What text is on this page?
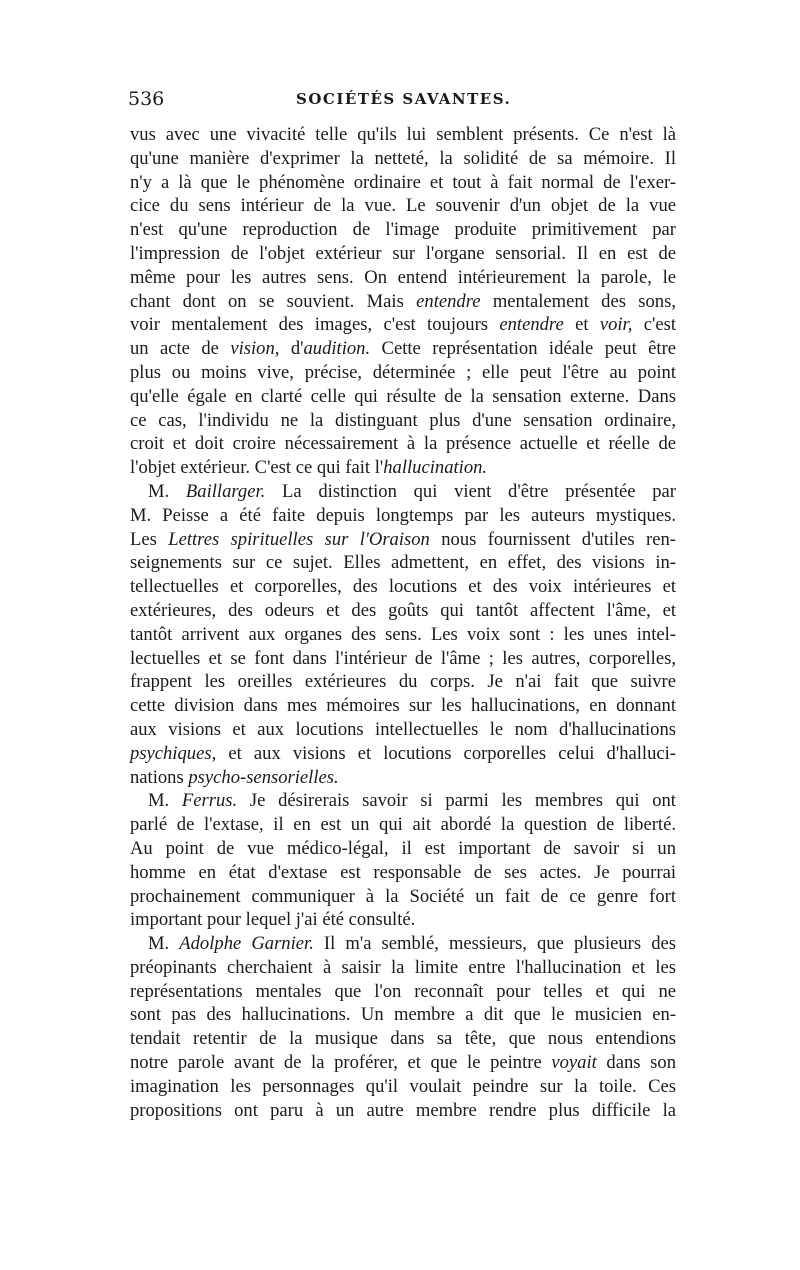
536	SOCIÉTÉS SAVANTES.
vus avec une vivacité telle qu'ils lui semblent présents. Ce n'est là
qu'une manière d'exprimer la netteté, la solidité de sa mémoire. Il
n'y a là que le phénomène ordinaire et tout à fait normal de l'exer-
cice du sens intérieur de la vue. Le souvenir d'un objet de la vue
n'est qu'une reproduction de l'image produite primitivement par
l'impression de l'objet extérieur sur l'organe sensorial. Il en est de
même pour les autres sens. On entend intérieurement la parole, le
chant dont on se souvient. Mais entendre mentalement des sons,
voir mentalement des images, c'est toujours entendre et voir, c'est
un acte de vision, d'audition. Cette représentation idéale peut être
plus ou moins vive, précise, déterminée ; elle peut l'être au point
qu'elle égale en clarté celle qui résulte de la sensation externe. Dans
ce cas, l'individu ne la distinguant plus d'une sensation ordinaire,
croit et doit croire nécessairement à la présence actuelle et réelle de
l'objet extérieur. C'est ce qui fait l'hallucination.
M. Baillarger. La distinction qui vient d'être présentée par
M. Peisse a été faite depuis longtemps par les auteurs mystiques.
Les Lettres spirituelles sur l'Oraison nous fournissent d'utiles ren-
seignements sur ce sujet. Elles admettent, en effet, des visions in-
tellectuelles et corporelles, des locutions et des voix intérieures et
extérieures, des odeurs et des goûts qui tantôt affectent l'âme, et
tantôt arrivent aux organes des sens. Les voix sont : les unes intel-
lectuelles et se font dans l'intérieur de l'âme ; les autres, corporelles,
frappent les oreilles extérieures du corps. Je n'ai fait que suivre
cette division dans mes mémoires sur les hallucinations, en donnant
aux visions et aux locutions intellectuelles le nom d'hallucinations
psychiques, et aux visions et locutions corporelles celui d'halluci-
nations psycho-sensorielles.
M. Ferrus. Je désirerais savoir si parmi les membres qui ont
parlé de l'extase, il en est un qui ait abordé la question de liberté.
Au point de vue médico-légal, il est important de savoir si un
homme en état d'extase est responsable de ses actes. Je pourrai
prochainement communiquer à la Société un fait de ce genre fort
important pour lequel j'ai été consulté.
M. Adolphe Garnier. Il m'a semblé, messieurs, que plusieurs des
préopinants cherchaient à saisir la limite entre l'hallucination et les
représentations mentales que l'on reconnaît pour telles et qui ne
sont pas des hallucinations. Un membre a dit que le musicien en-
tendait retentir de la musique dans sa tête, que nous entendions
notre parole avant de la proférer, et que le peintre voyait dans son
imagination les personnages qu'il voulait peindre sur la toile. Ces
propositions ont paru à un autre membre rendre plus difficile la
